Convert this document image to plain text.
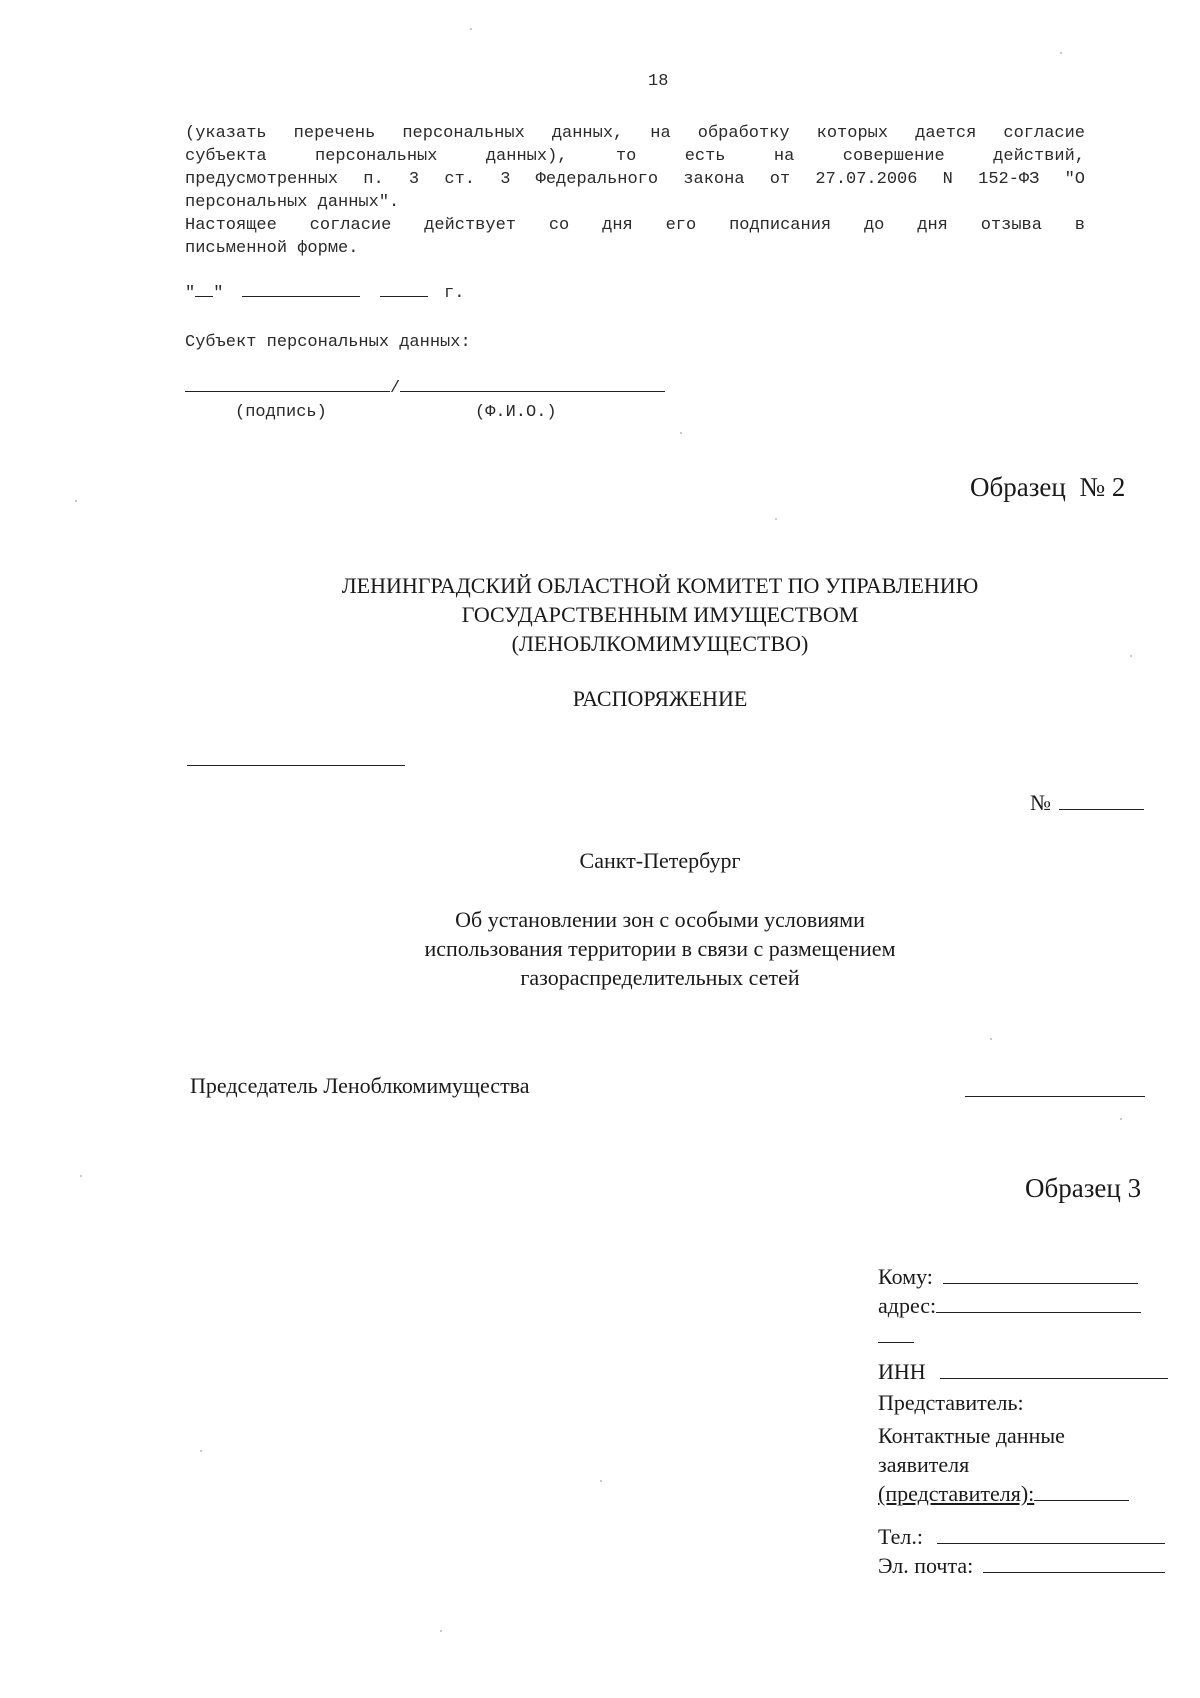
18
(указать перечень персональных данных, на обработку которых дается согласие
субъекта персональных данных), то есть на совершение действий,
предусмотренных п. 3 ст. 3 Федерального закона от 27.07.2006 N 152-ФЗ "О
персональных данных".
Настоящее согласие действует со дня его подписания до дня отзыва в
письменной форме.
" "	г.
Субъект персональных данных:
/
(подпись)	(Ф.И.О.)
Образец  № 2
ЛЕНИНГРАДСКИЙ ОБЛАСТНОЙ КОМИТЕТ ПО УПРАВЛЕНИЮ
ГОСУДАРСТВЕННЫМ ИМУЩЕСТВОМ
(ЛЕНОБЛКОМИМУЩЕСТВО)
РАСПОРЯЖЕНИЕ
№
Санкт-Петербург
Об установлении зон с особыми условиями
использования территории в связи с размещением
газораспределительных сетей
Председатель Леноблкомимущества
Образец 3
Кому:
адрес:
ИНН
Представитель:
Контактные данные
заявителя
(представителя):
Тел.:
Эл. почта:
